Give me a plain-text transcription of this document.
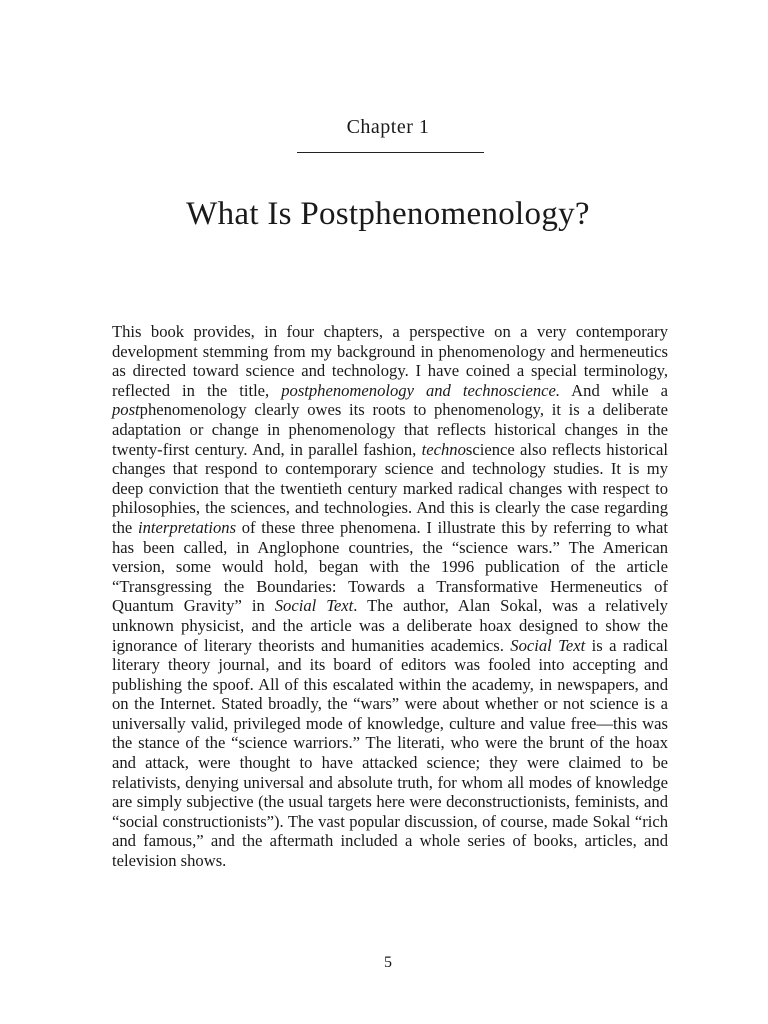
Chapter 1
What Is Postphenomenology?

This book provides, in four chapters, a perspective on a very contemporary development stemming from my background in phenomenology and hermeneutics as directed toward science and technology. I have coined a special terminology, reflected in the title, postphenomenology and technoscience. And while a postphenomenology clearly owes its roots to phenomenology, it is a deliberate adaptation or change in phenomenology that reflects historical changes in the twenty-first century. And, in parallel fashion, technoscience also reflects historical changes that respond to contemporary science and technology studies. It is my deep conviction that the twentieth century marked radical changes with respect to philosophies, the sciences, and technologies. And this is clearly the case regarding the interpretations of these three phenomena. I illustrate this by referring to what has been called, in Anglophone countries, the “science wars.” The American version, some would hold, began with the 1996 publication of the article “Transgressing the Boundaries: Towards a Transformative Hermeneutics of Quantum Gravity” in Social Text. The author, Alan Sokal, was a relatively unknown physicist, and the article was a deliberate hoax designed to show the ignorance of literary theorists and humanities academics. Social Text is a radical literary theory journal, and its board of editors was fooled into accepting and publishing the spoof. All of this escalated within the academy, in newspapers, and on the Internet. Stated broadly, the “wars” were about whether or not science is a universally valid, privileged mode of knowledge, culture and value free—this was the stance of the “science warriors.” The literati, who were the brunt of the hoax and attack, were thought to have attacked science; they were claimed to be relativists, denying universal and absolute truth, for whom all modes of knowledge are simply subjective (the usual targets here were deconstructionists, feminists, and “social constructionists”). The vast popular discussion, of course, made Sokal “rich and famous,” and the aftermath included a whole series of books, articles, and television shows.

5
